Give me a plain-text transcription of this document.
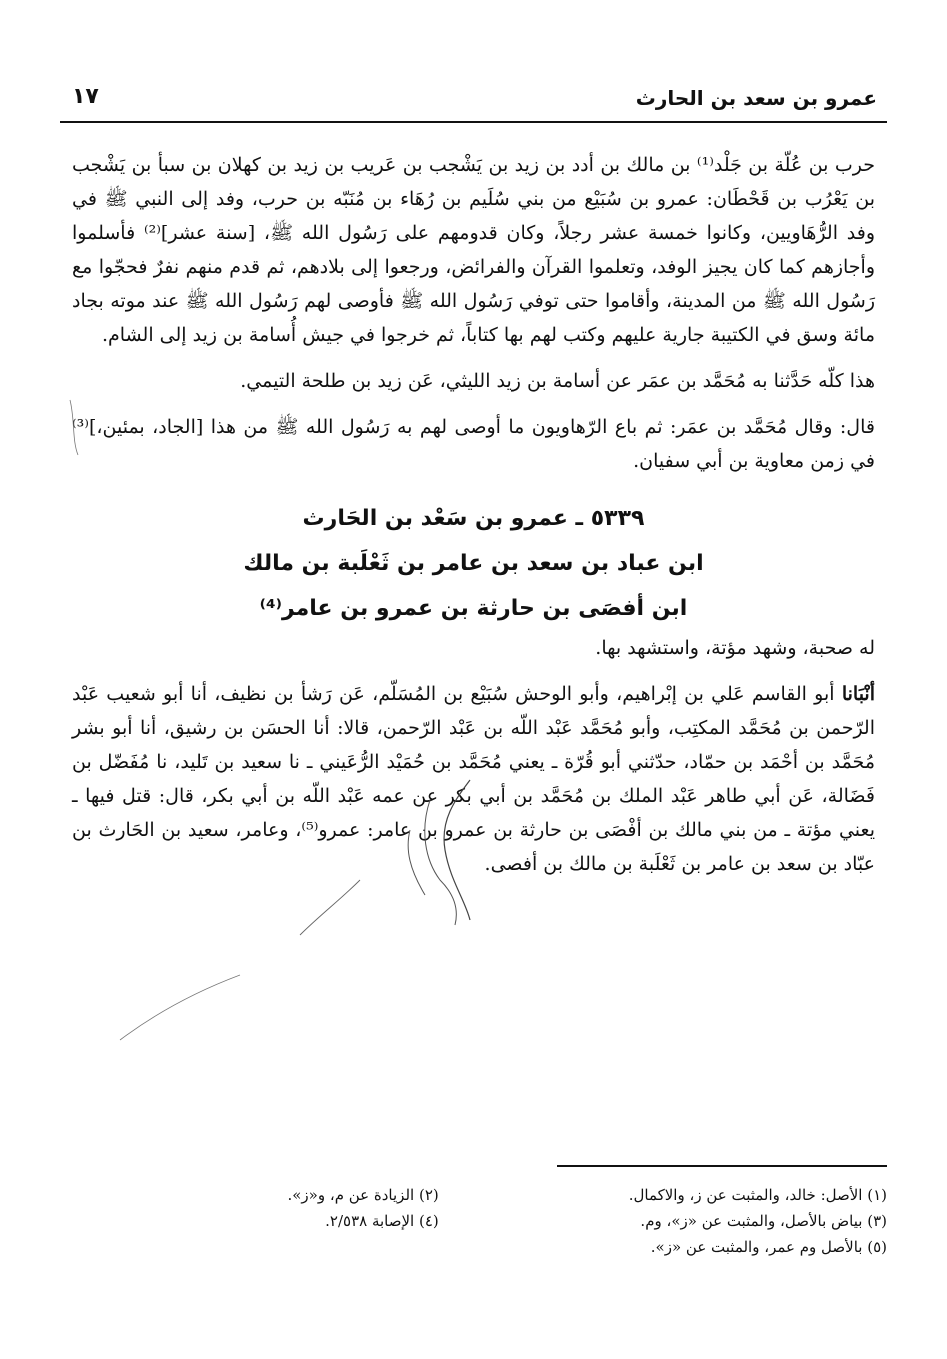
عمرو بن سعد بن الحارث
١٧

حرب بن عُلّة بن جَلْد⁽¹⁾ بن مالك بن أدد بن زيد بن يَشْجب بن عَريب بن زيد بن كهلان بن سبأ بن يَشْجب بن يَعْرُب بن قَحْطَان: عمرو بن سُبَيْع من بني سُلَيم بن رُهَاء بن مُنَبّه بن حرب، وفد إلى النبي ﷺ في وفد الرُّهَاويين، وكانوا خمسة عشر رجلاً، وكان قدومهم على رَسُول الله ﷺ، [سنة عشر]⁽²⁾ فأسلموا وأجازهم كما كان يجيز الوفد، وتعلموا القرآن والفرائض، ورجعوا إلى بلادهم، ثم قدم منهم نفرٌ فحجّوا مع رَسُول الله ﷺ من المدينة، وأقاموا حتى توفي رَسُول الله ﷺ فأوصى لهم رَسُول الله ﷺ عند موته بجاد مائة وسق في الكتيبة جارية عليهم وكتب لهم بها كتاباً، ثم خرجوا في جيش أُسامة بن زيد إلى الشام.

هذا كلّه حَدَّثنا به مُحَمَّد بن عمَر عن أسامة بن زيد الليثي، عَن زيد بن طلحة التيمي.

قال: وقال مُحَمَّد بن عمَر: ثم باع الرّهاويون ما أوصى لهم به رَسُول الله ﷺ من هذا [الجاد، بمئين،]⁽³⁾ في زمن معاوية بن أبي سفيان.

٥٣٣٩ ـ عمرو بن سَعْد بن الحَارث

ابن عباد بن سعد بن عامر بن ثَعْلَبة بن مالك

ابن أفصَى بن حارثة بن عمرو بن عامر⁽⁴⁾

له صحبة، وشهد مؤتة، واستشهد بها.

أنْبَانا أبو القاسم عَلي بن إبْراهيم، وأبو الوحش سُبَيْع بن المُسَلّم، عَن رَشأ بن نظيف، أنا أبو شعيب عَبْد الرّحمن بن مُحَمَّد المكتِب، وأبو مُحَمَّد عَبْد اللّه بن عَبْد الرّحمن، قالا: أنا الحسَن بن رشيق، أنا أبو بشر مُحَمَّد بن أحْمَد بن حمّاد، حدّثني أبو قُرّة ـ يعني مُحَمَّد بن حُمَيْد الرُّعَيني ـ نا سعيد بن تَليد، نا مُفَضّل بن فَضَالة، عَن أبي طاهر عَبْد الملك بن مُحَمَّد بن أبي بكر عن عمه عَبْد اللّه بن أبي بكر، قال: قتل فيها ـ يعني مؤتة ـ من بني مالك بن أفْصَى بن حارثة بن عمرو بن عامر: عمرو⁽⁵⁾، وعامر، سعيد بن الحَارث بن عبّاد بن سعد بن عامر بن ثَعْلَبة بن مالك بن أفصى.

(١) الأصل: خالد، والمثبت عن ز، والاكمال.
(٢) الزيادة عن م، و«ز».
(٣) بياض بالأصل، والمثبت عن «ز»، وم.
(٤) الإصابة ٢/٥٣٨.
(٥) بالأصل وم عمر، والمثبت عن «ز».
